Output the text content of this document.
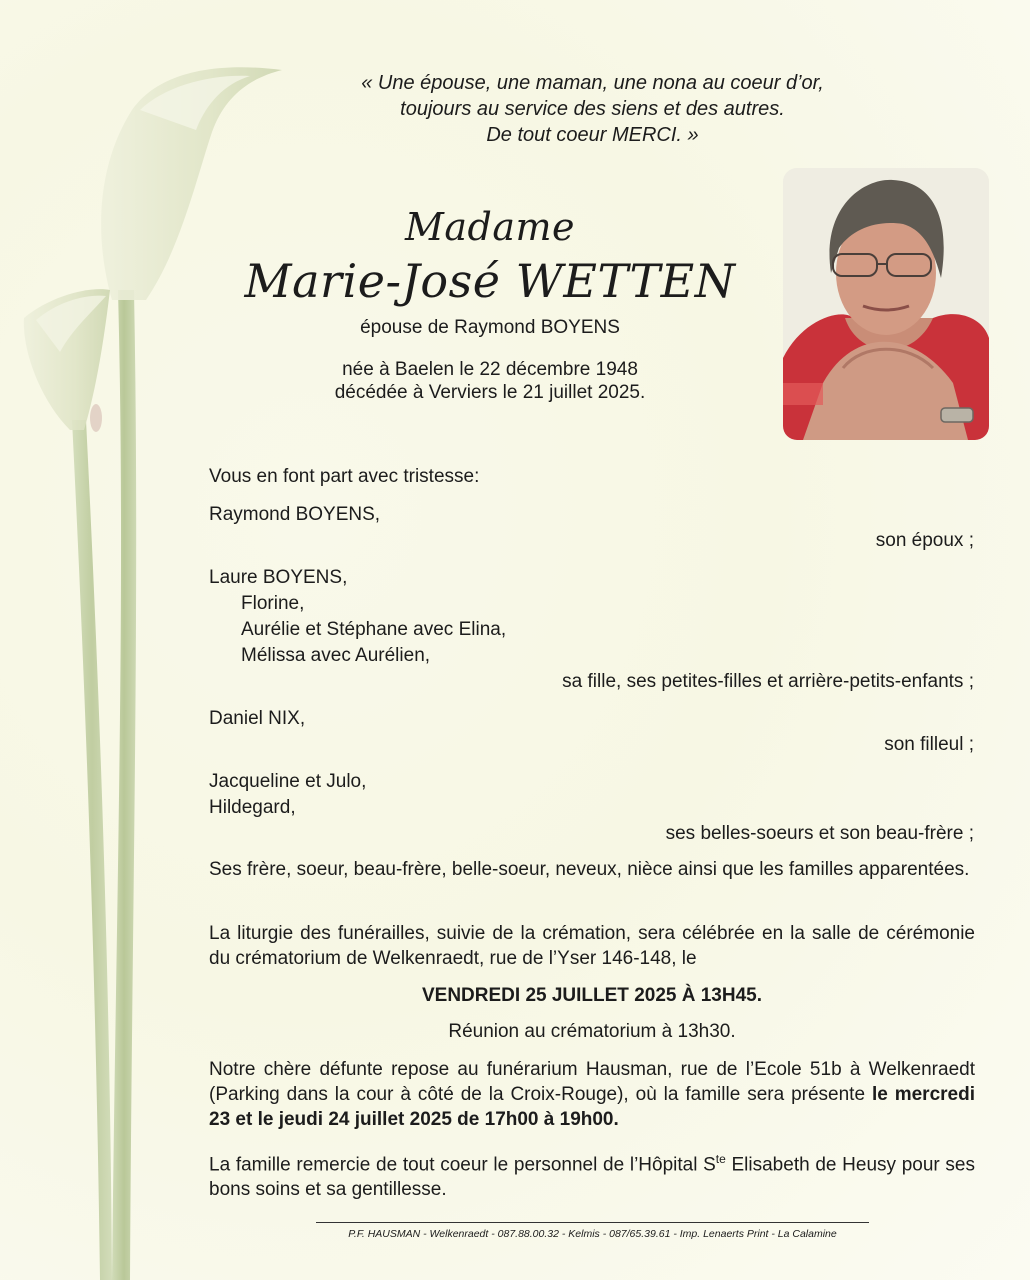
« Une épouse, une maman, une nona au coeur d’or,
toujours au service des siens et des autres.
De tout coeur MERCI. »
Madame
Marie-José WETTEN
épouse de Raymond BOYENS
née à Baelen le 22 décembre 1948
décédée à Verviers le 21 juillet 2025.
Vous en font part avec tristesse:
Raymond BOYENS,
son époux ;
Laure BOYENS,
Florine,
Aurélie et Stéphane avec Elina,
Mélissa avec Aurélien,
sa fille, ses petites-filles et arrière-petits-enfants ;
Daniel NIX,
son filleul ;
Jacqueline et Julo,
Hildegard,
ses belles-soeurs et son beau-frère ;
Ses frère, soeur, beau-frère, belle-soeur, neveux, nièce ainsi que les familles apparentées.
La liturgie des funérailles, suivie de la crémation, sera célébrée en la salle de cérémonie du crématorium de Welkenraedt, rue de l’Yser 146-148, le
VENDREDI 25 JUILLET 2025 À 13H45.
Réunion au crématorium à 13h30.
Notre chère défunte repose au funérarium Hausman, rue de l’Ecole 51b à Welkenraedt (Parking dans la cour à côté de la Croix-Rouge), où la famille sera présente le mercredi 23 et le jeudi 24 juillet 2025 de 17h00 à 19h00.
La famille remercie de tout coeur le personnel de l’Hôpital $S^{te}$ Elisabeth de Heusy pour ses bons soins et sa gentillesse.
P.F. HAUSMAN - Welkenraedt - 087.88.00.32 - Kelmis - 087/65.39.61 - Imp. Lenaerts Print - La Calamine
